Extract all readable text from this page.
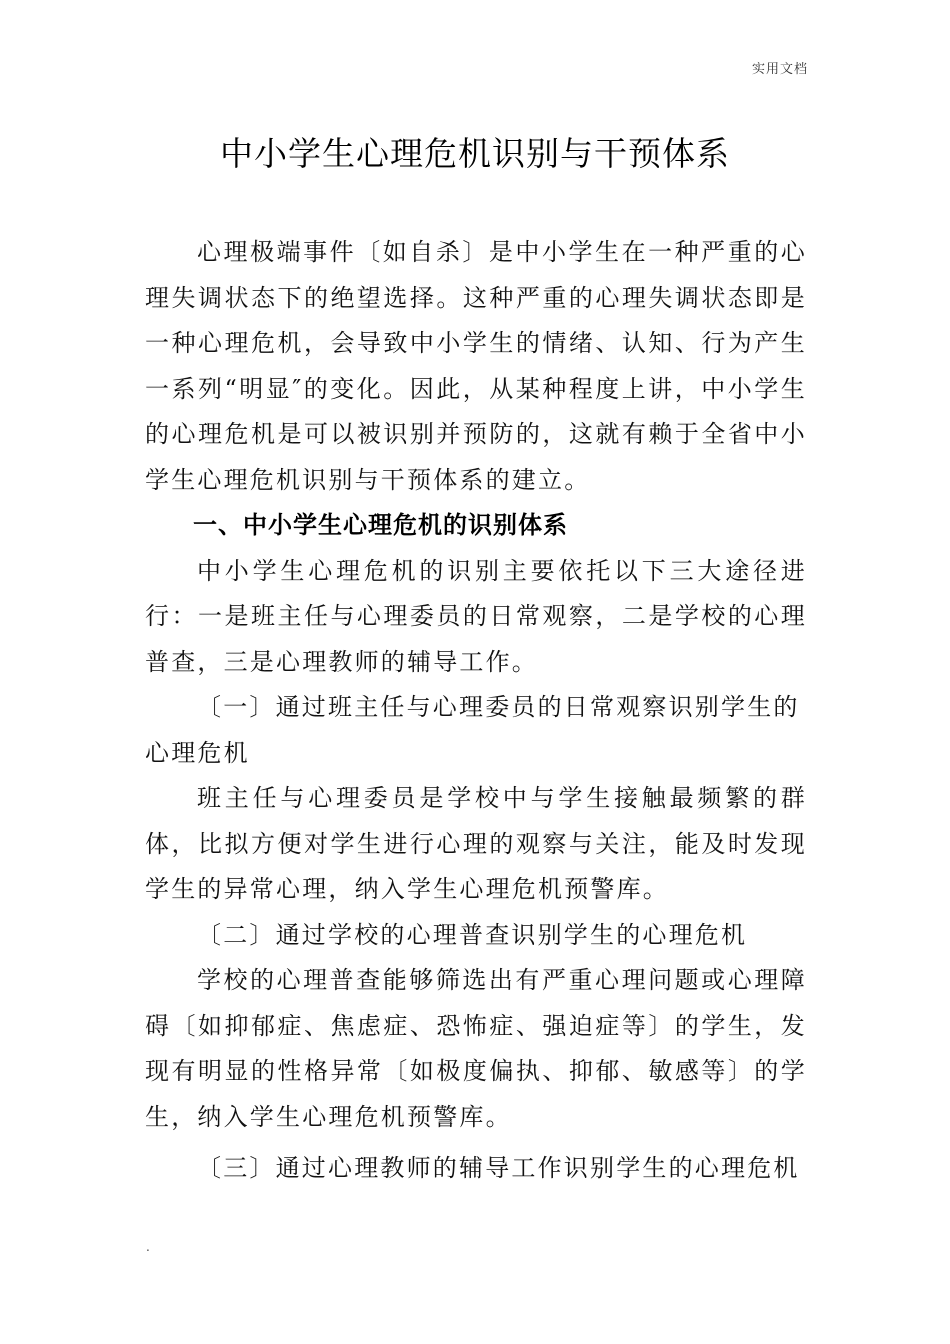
实用文档
中小学生心理危机识别与干预体系

心理极端事件〔如自杀〕是中小学生在一种严重的心理失调状态下的绝望选择。这种严重的心理失调状态即是一种心理危机，会导致中小学生的情绪、认知、行为产生一系列“明显″的变化。因此，从某种程度上讲，中小学生的心理危机是可以被识别并预防的，这就有赖于全省中小学生心理危机识别与干预体系的建立。

一、中小学生心理危机的识别体系

中小学生心理危机的识别主要依托以下三大途径进行：一是班主任与心理委员的日常观察，二是学校的心理普查，三是心理教师的辅导工作。

〔一〕通过班主任与心理委员的日常观察识别学生的心理危机

班主任与心理委员是学校中与学生接触最频繁的群体，比拟方便对学生进行心理的观察与关注，能及时发现学生的异常心理，纳入学生心理危机预警库。

〔二〕通过学校的心理普查识别学生的心理危机

学校的心理普查能够筛选出有严重心理问题或心理障碍〔如抑郁症、焦虑症、恐怖症、强迫症等〕的学生，发现有明显的性格异常〔如极度偏执、抑郁、敏感等〕的学生，纳入学生心理危机预警库。

〔三〕通过心理教师的辅导工作识别学生的心理危机

.
